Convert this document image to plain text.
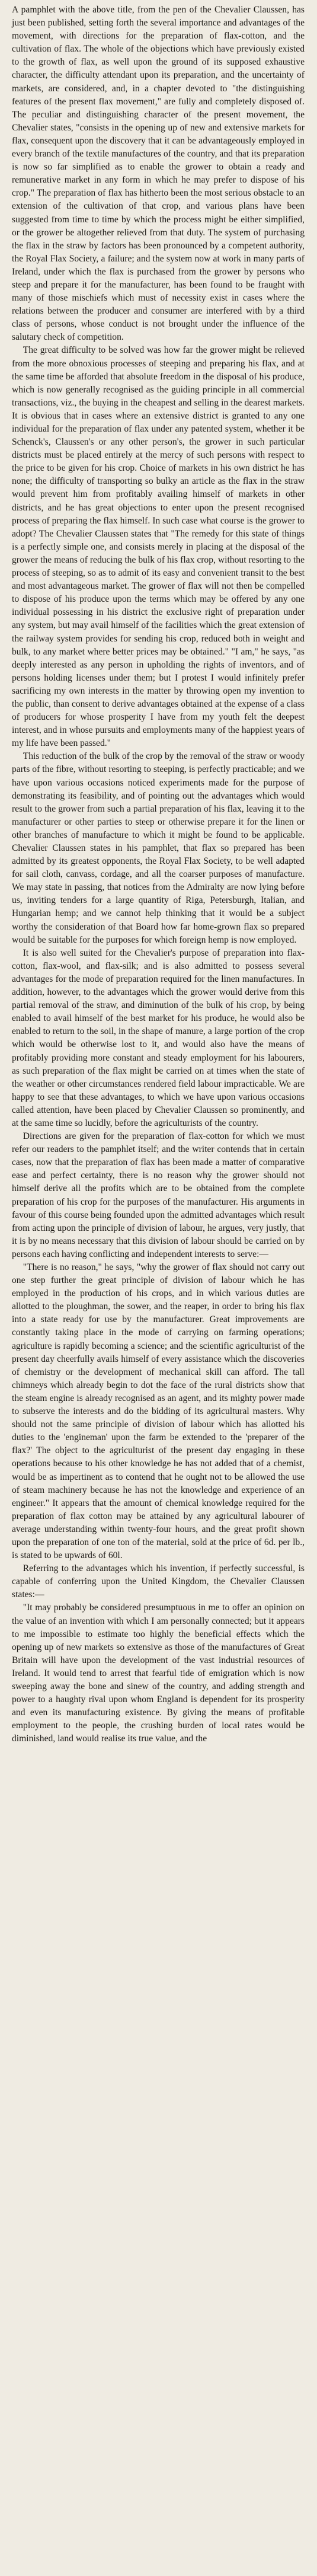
A pamphlet with the above title, from the pen of the Chevalier Claussen, has just been published, setting forth the several importance and advantages of the movement, with directions for the preparation of flax-cotton, and the cultivation of flax. The whole of the objections which have previously existed to the growth of flax, as well upon the ground of its supposed exhaustive character, the difficulty attendant upon its preparation, and the uncertainty of markets, are considered, and, in a chapter devoted to "the distinguishing features of the present flax movement," are fully and completely disposed of. The peculiar and distinguishing character of the present movement, the Chevalier states, "consists in the opening up of new and extensive markets for flax, consequent upon the discovery that it can be advantageously employed in every branch of the textile manufactures of the country, and that its preparation is now so far simplified as to enable the grower to obtain a ready and remunerative market in any form in which he may prefer to dispose of his crop." The preparation of flax has hitherto been the most serious obstacle to an extension of the cultivation of that crop, and various plans have been suggested from time to time by which the process might be either simplified, or the grower be altogether relieved from that duty. The system of purchasing the flax in the straw by factors has been pronounced by a competent authority, the Royal Flax Society, a failure; and the system now at work in many parts of Ireland, under which the flax is purchased from the grower by persons who steep and prepare it for the manufacturer, has been found to be fraught with many of those mischiefs which must of necessity exist in cases where the relations between the producer and consumer are interfered with by a third class of persons, whose conduct is not brought under the influence of the salutary check of competition.

The great difficulty to be solved was how far the grower might be relieved from the more obnoxious processes of steeping and preparing his flax, and at the same time be afforded that absolute freedom in the disposal of his produce, which is now generally recognised as the guiding principle in all commercial transactions, viz., the buying in the cheapest and selling in the dearest markets. It is obvious that in cases where an extensive district is granted to any one individual for the preparation of flax under any patented system, whether it be Schenck's, Claussen's or any other person's, the grower in such particular districts must be placed entirely at the mercy of such persons with respect to the price to be given for his crop. Choice of markets in his own district he has none; the difficulty of transporting so bulky an article as the flax in the straw would prevent him from profitably availing himself of markets in other districts, and he has great objections to enter upon the present recognised process of preparing the flax himself. In such case what course is the grower to adopt? The Chevalier Claussen states that "The remedy for this state of things is a perfectly simple one, and consists merely in placing at the disposal of the grower the means of reducing the bulk of his flax crop, without resorting to the process of steeping, so as to admit of its easy and convenient transit to the best and most advantageous market. The grower of flax will not then be compelled to dispose of his produce upon the terms which may be offered by any one individual possessing in his district the exclusive right of preparation under any system, but may avail himself of the facilities which the great extension of the railway system provides for sending his crop, reduced both in weight and bulk, to any market where better prices may be obtained." "I am," he says, "as deeply interested as any person in upholding the rights of inventors, and of persons holding licenses under them; but I protest I would infinitely prefer sacrificing my own interests in the matter by throwing open my invention to the public, than consent to derive advantages obtained at the expense of a class of producers for whose prosperity I have from my youth felt the deepest interest, and in whose pursuits and employments many of the happiest years of my life have been passed."

This reduction of the bulk of the crop by the removal of the straw or woody parts of the fibre, without resorting to steeping, is perfectly practicable; and we have upon various occasions noticed experiments made for the purpose of demonstrating its feasibility, and of pointing out the advantages which would result to the grower from such a partial preparation of his flax, leaving it to the manufacturer or other parties to steep or otherwise prepare it for the linen or other branches of manufacture to which it might be found to be applicable. Chevalier Claussen states in his pamphlet, that flax so prepared has been admitted by its greatest opponents, the Royal Flax Society, to be well adapted for sail cloth, canvass, cordage, and all the coarser purposes of manufacture. We may state in passing, that notices from the Admiralty are now lying before us, inviting tenders for a large quantity of Riga, Petersburgh, Italian, and Hungarian hemp; and we cannot help thinking that it would be a subject worthy the consideration of that Board how far home-grown flax so prepared would be suitable for the purposes for which foreign hemp is now employed.

It is also well suited for the Chevalier's purpose of preparation into flax-cotton, flax-wool, and flax-silk; and is also admitted to possess several advantages for the mode of preparation required for the linen manufactures. In addition, however, to the advantages which the grower would derive from this partial removal of the straw, and diminution of the bulk of his crop, by being enabled to avail himself of the best market for his produce, he would also be enabled to return to the soil, in the shape of manure, a large portion of the crop which would be otherwise lost to it, and would also have the means of profitably providing more constant and steady employment for his labourers, as such preparation of the flax might be carried on at times when the state of the weather or other circumstances rendered field labour impracticable. We are happy to see that these advantages, to which we have upon various occasions called attention, have been placed by Chevalier Claussen so prominently, and at the same time so lucidly, before the agriculturists of the country.

Directions are given for the preparation of flax-cotton for which we must refer our readers to the pamphlet itself; and the writer contends that in certain cases, now that the preparation of flax has been made a matter of comparative ease and perfect certainty, there is no reason why the grower should not himself derive all the profits which are to be obtained from the complete preparation of his crop for the purposes of the manufacturer. His arguments in favour of this course being founded upon the admitted advantages which result from acting upon the principle of division of labour, he argues, very justly, that it is by no means necessary that this division of labour should be carried on by persons each having conflicting and independent interests to serve:—

"There is no reason," he says, "why the grower of flax should not carry out one step further the great principle of division of labour which he has employed in the production of his crops, and in which various duties are allotted to the ploughman, the sower, and the reaper, in order to bring his flax into a state ready for use by the manufacturer. Great improvements are constantly taking place in the mode of carrying on farming operations; agriculture is rapidly becoming a science; and the scientific agriculturist of the present day cheerfully avails himself of every assistance which the discoveries of chemistry or the development of mechanical skill can afford. The tall chimneys which already begin to dot the face of the rural districts show that the steam engine is already recognised as an agent, and its mighty power made to subserve the interests and do the bidding of its agricultural masters. Why should not the same principle of division of labour which has allotted his duties to the 'engineman' upon the farm be extended to the 'preparer of the flax?' The object to the agriculturist of the present day engaging in these operations because to his other knowledge he has not added that of a chemist, would be as impertinent as to contend that he ought not to be allowed the use of steam machinery because he has not the knowledge and experience of an engineer." It appears that the amount of chemical knowledge required for the preparation of flax cotton may be attained by any agricultural labourer of average understanding within twenty-four hours, and the great profit shown upon the preparation of one ton of the material, sold at the price of 6d. per lb., is stated to be upwards of 60l.

Referring to the advantages which his invention, if perfectly successful, is capable of conferring upon the United Kingdom, the Chevalier Claussen states:—

"It may probably be considered presumptuous in me to offer an opinion on the value of an invention with which I am personally connected; but it appears to me impossible to estimate too highly the beneficial effects which the opening up of new markets so extensive as those of the manufactures of Great Britain will have upon the development of the vast industrial resources of Ireland. It would tend to arrest that fearful tide of emigration which is now sweeping away the bone and sinew of the country, and adding strength and power to a haughty rival upon whom England is dependent for its prosperity and even its manufacturing existence. By giving the means of profitable employment to the people, the crushing burden of local rates would be diminished, land would realise its true value, and the
